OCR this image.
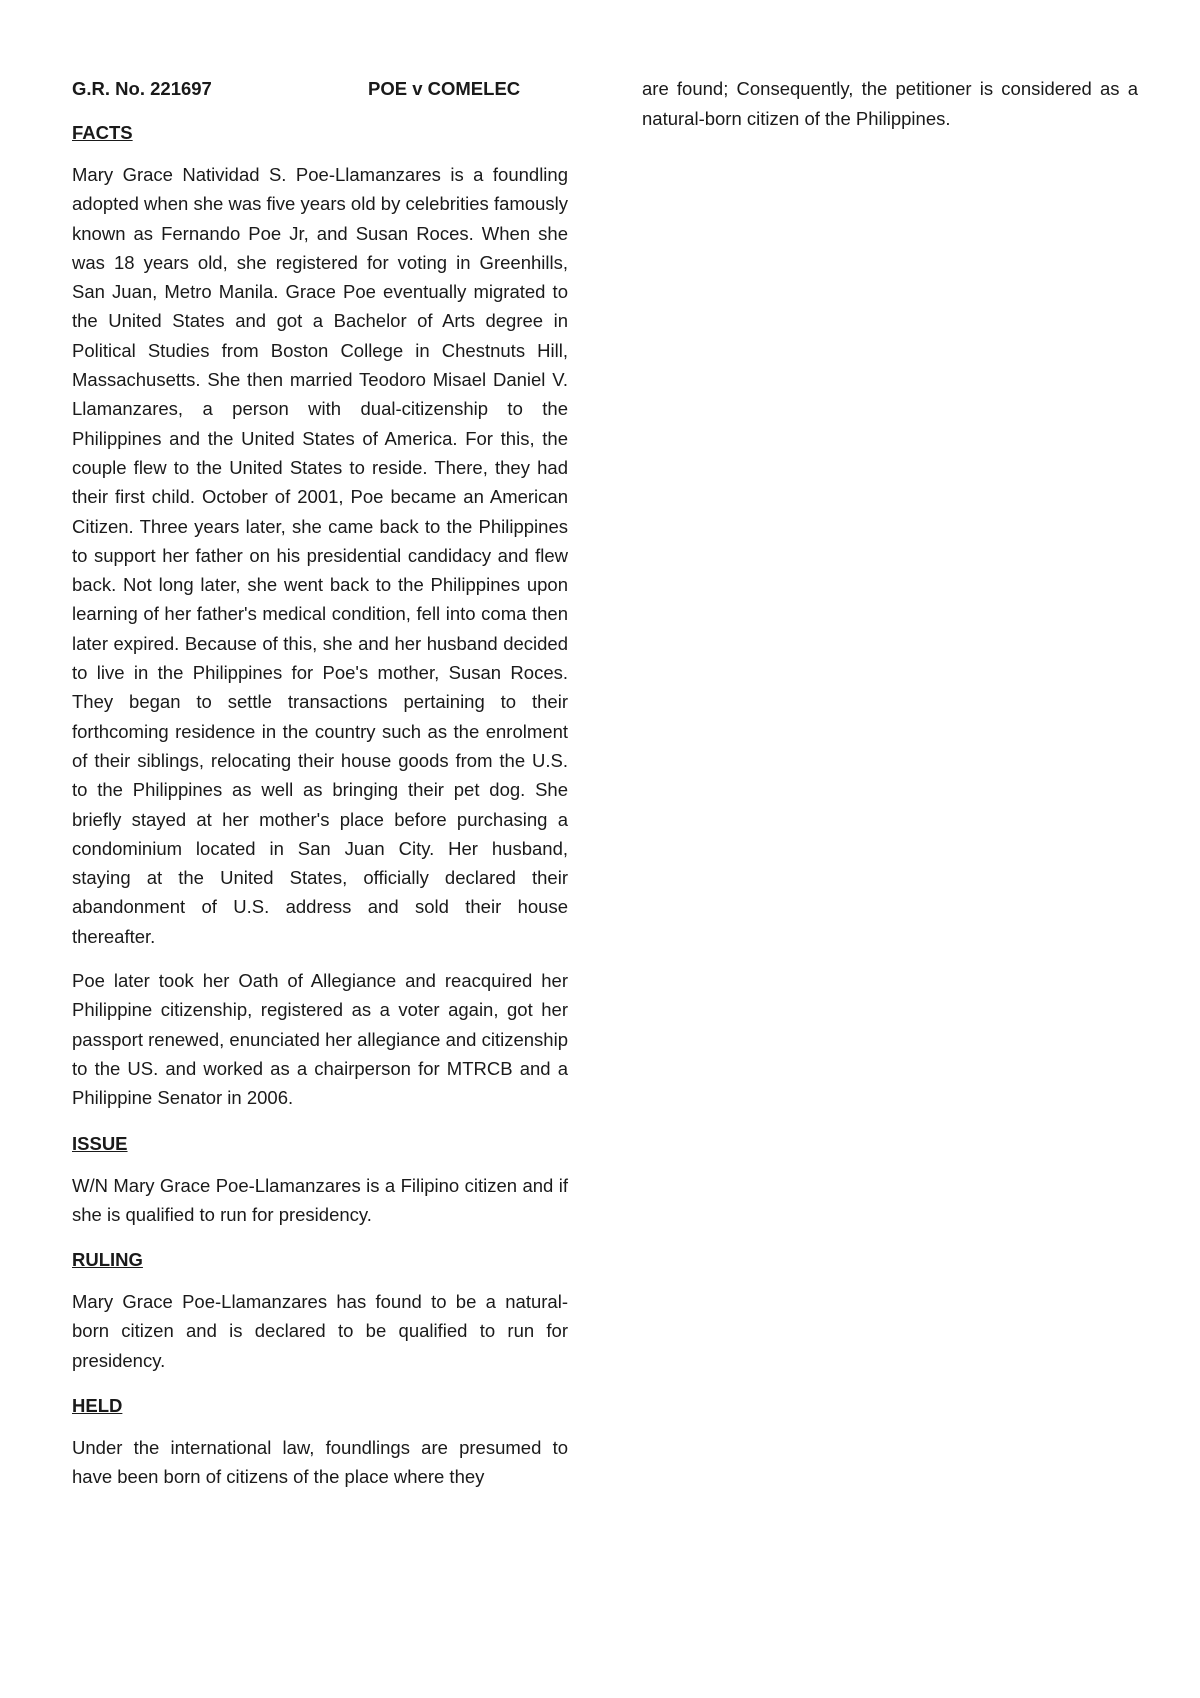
G.R. No. 221697	POE v COMELEC
FACTS

Mary Grace Natividad S. Poe-Llamanzares is a foundling adopted when she was five years old by celebrities famously known as Fernando Poe Jr, and Susan Roces. When she was 18 years old, she registered for voting in Greenhills, San Juan, Metro Manila. Grace Poe eventually migrated to the United States and got a Bachelor of Arts degree in Political Studies from Boston College in Chestnuts Hill, Massachusetts. She then married Teodoro Misael Daniel V. Llamanzares, a person with dual-citizenship to the Philippines and the United States of America. For this, the couple flew to the United States to reside. There, they had their first child. October of 2001, Poe became an American Citizen. Three years later, she came back to the Philippines to support her father on his presidential candidacy and flew back. Not long later, she went back to the Philippines upon learning of her father's medical condition, fell into coma then later expired. Because of this, she and her husband decided to live in the Philippines for Poe's mother, Susan Roces. They began to settle transactions pertaining to their forthcoming residence in the country such as the enrolment of their siblings, relocating their house goods from the U.S. to the Philippines as well as bringing their pet dog. She briefly stayed at her mother's place before purchasing a condominium located in San Juan City. Her husband, staying at the United States, officially declared their abandonment of U.S. address and sold their house thereafter.

Poe later took her Oath of Allegiance and reacquired her Philippine citizenship, registered as a voter again, got her passport renewed, enunciated her allegiance and citizenship to the US. and worked as a chairperson for MTRCB and a Philippine Senator in 2006.

ISSUE

W/N Mary Grace Poe-Llamanzares is a Filipino citizen and if she is qualified to run for presidency.

RULING

Mary Grace Poe-Llamanzares has found to be a natural-born citizen and is declared to be qualified to run for presidency.

HELD

Under the international law, foundlings are presumed to have been born of citizens of the place where they

are found; Consequently, the petitioner is considered as a natural-born citizen of the Philippines.
